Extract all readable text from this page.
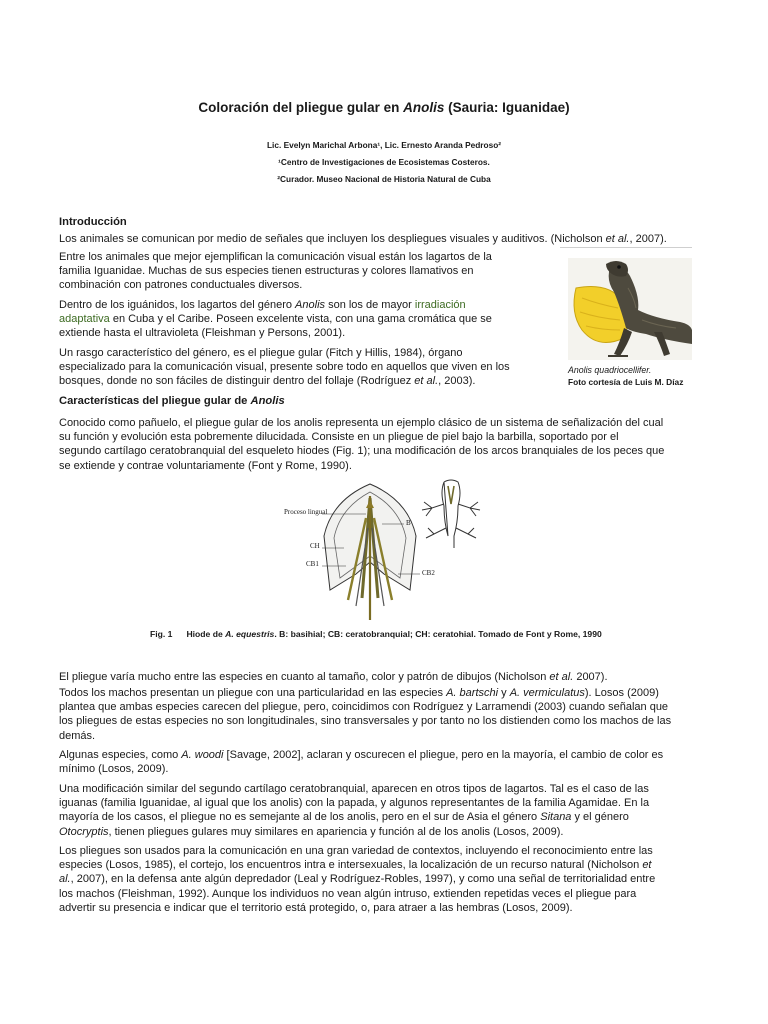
Coloración del pliegue gular en Anolis (Sauria: Iguanidae)
Lic. Evelyn Marichal Arbona¹, Lic. Ernesto Aranda Pedroso²
¹Centro de Investigaciones de Ecosistemas Costeros.
²Curador. Museo Nacional de Historia Natural de Cuba
Introducción
Los animales se comunican por medio de señales que incluyen los despliegues visuales y auditivos. (Nicholson et al., 2007).
Entre los animales que mejor ejemplifican la comunicación visual están los lagartos de la
familia Iguanidae. Muchas de sus especies tienen estructuras y colores llamativos en
combinación con patrones conductuales diversos.
Dentro de los iguánidos, los lagartos del género Anolis son los de mayor irradiación
adaptativa en Cuba y el Caribe. Poseen excelente vista, con una gama cromática que se
extiende hasta el ultravioleta (Fleishman y Persons, 2001).
Un rasgo característico del género, es el pliegue gular (Fitch y Hillis, 1984), órgano
especializado para la comunicación visual, presente sobre todo en aquellos que viven en los
bosques, donde no son fáciles de distinguir dentro del follaje (Rodríguez et al., 2003).
Anolis quadriocellifer.
Foto cortesía de Luis M. Díaz
Características del pliegue gular de Anolis
Conocido como pañuelo, el pliegue gular de los anolis representa un ejemplo clásico de un sistema de señalización del cual
su función y evolución esta pobremente dilucidada. Consiste en un pliegue de piel bajo la barbilla, soportado por el
segundo cartílago ceratobranquial del esqueleto hiodes (Fig. 1); una modificación de los arcos branquiales de los peces que
se extiende y contrae voluntariamente (Font y Rome, 1990).
Proceso lingual
B
CH
CB1
CB2
Fig. 1 Hiode de A. equestris. B: basihial; CB: ceratobranquial; CH: ceratohial. Tomado de Font y Rome, 1990
El pliegue varía mucho entre las especies en cuanto al tamaño, color y patrón de dibujos (Nicholson et al. 2007).
Todos los machos presentan un pliegue con una particularidad en las especies A. bartschi y A. vermiculatus). Losos (2009)
plantea que ambas especies carecen del pliegue, pero, coincidimos con Rodríguez y Larramendi (2003) cuando señalan que
los pliegues de estas especies no son longitudinales, sino transversales y por tanto no los distienden como los machos de las
demás.
Algunas especies, como A. woodi [Savage, 2002], aclaran y oscurecen el pliegue, pero en la mayoría, el cambio de color es
mínimo (Losos, 2009).
Una modificación similar del segundo cartílago ceratobranquial, aparecen en otros tipos de lagartos. Tal es el caso de las
iguanas (familia Iguanidae, al igual que los anolis) con la papada, y algunos representantes de la familia Agamidae. En la
mayoría de los casos, el pliegue no es semejante al de los anolis, pero en el sur de Asia el género Sitana y el género
Otocryptis, tienen pliegues gulares muy similares en apariencia y función al de los anolis (Losos, 2009).
Los pliegues son usados para la comunicación en una gran variedad de contextos, incluyendo el reconocimiento entre las
especies (Losos, 1985), el cortejo, los encuentros intra e intersexuales, la localización de un recurso natural (Nicholson et
al., 2007), en la defensa ante algún depredador (Leal y Rodríguez-Robles, 1997), y como una señal de territorialidad entre
los machos (Fleishman, 1992). Aunque los individuos no vean algún intruso, extienden repetidas veces el pliegue para
advertir su presencia e indicar que el territorio está protegido, o, para atraer a las hembras (Losos, 2009).
